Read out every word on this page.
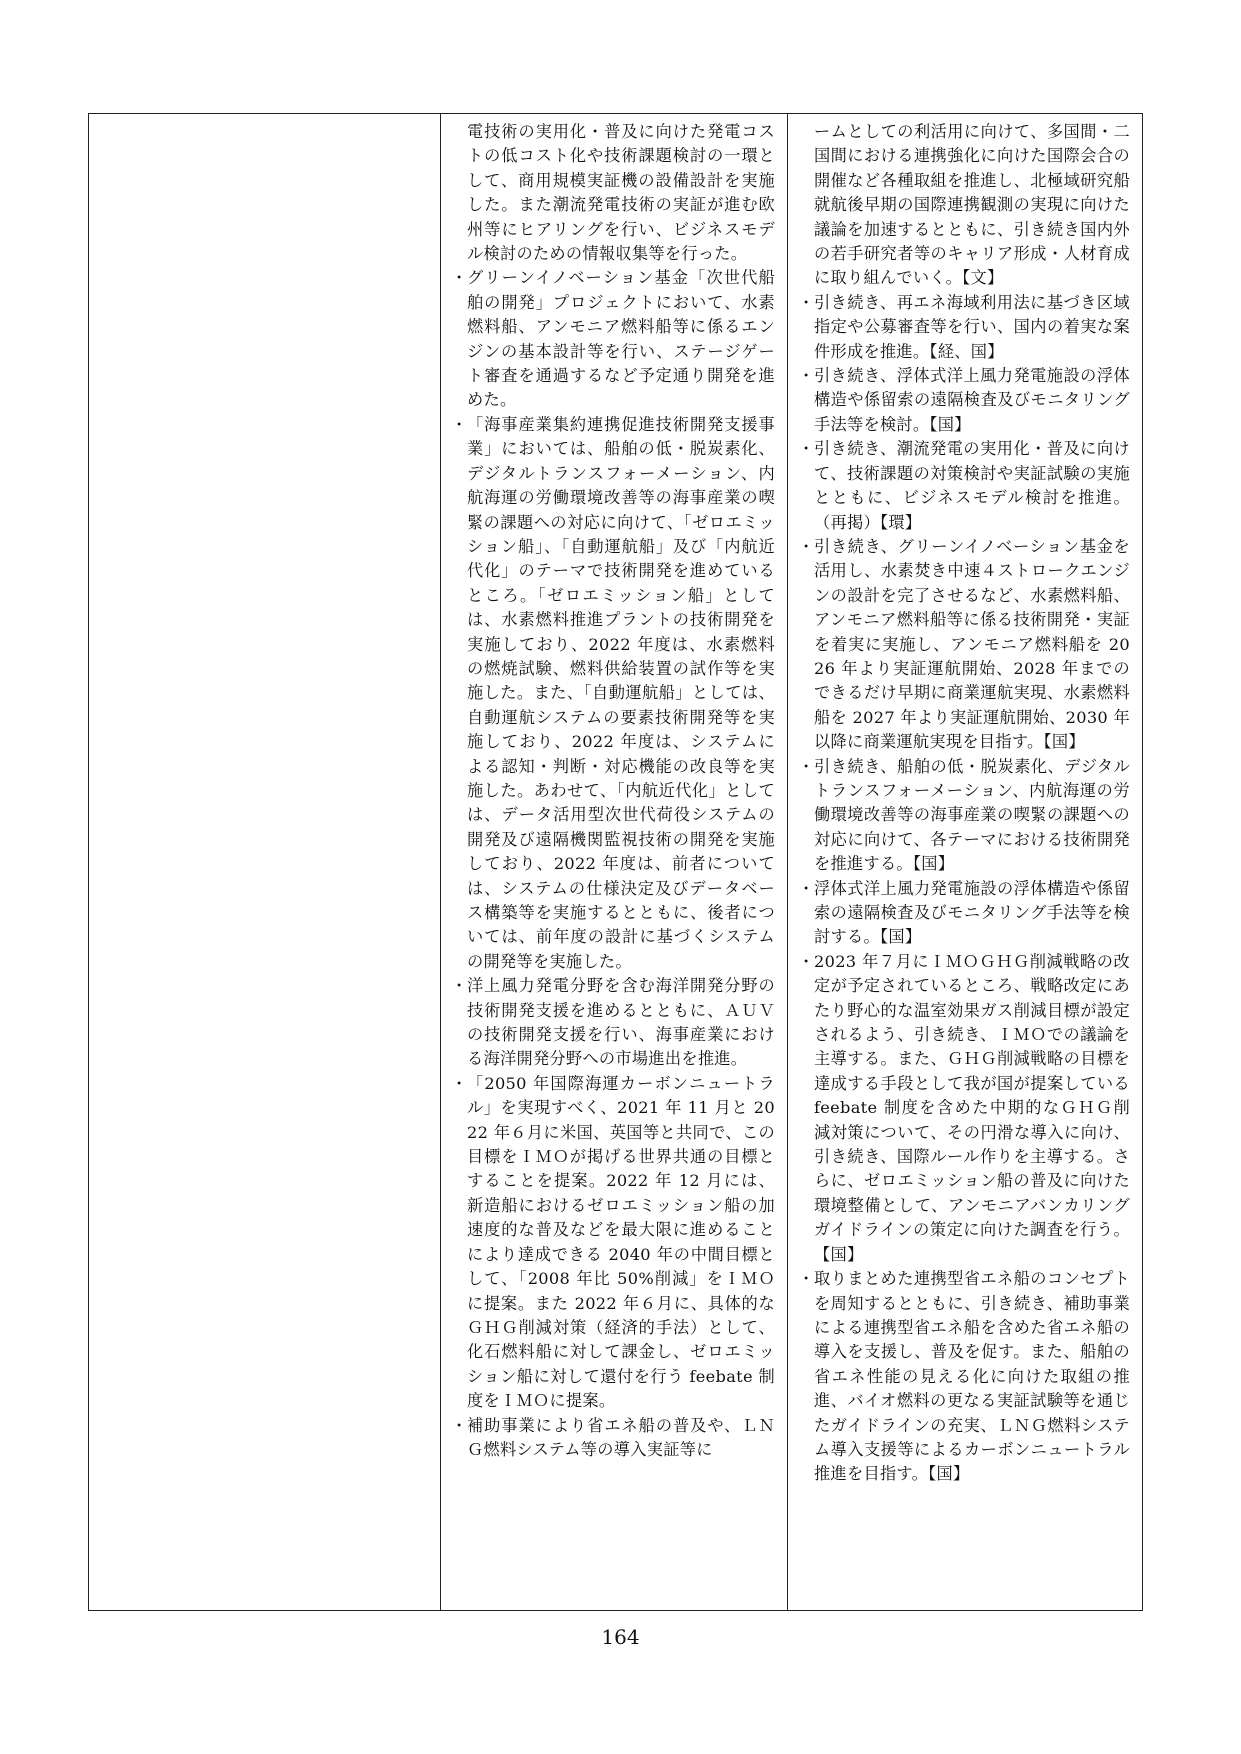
電技術の実用化・普及に向けた発電コストの低コスト化や技術課題検討の一環として、商用規模実証機の設備設計を実施した。また潮流発電技術の実証が進む欧州等にヒアリングを行い、ビジネスモデル検討のための情報収集等を行った。
・ グリーンイノベーション基金「次世代船舶の開発」プロジェクトにおいて、水素燃料船、アンモニア燃料船等に係るエンジンの基本設計等を行い、ステージゲート審査を通過するなど予定通り開発を進めた。
・ 「海事産業集約連携促進技術開発支援事業」においては、船舶の低・脱炭素化、デジタルトランスフォーメーション、内航海運の労働環境改善等の海事産業の喫緊の課題への対応に向けて、「ゼロエミッション船」、「自動運航船」及び「内航近代化」のテーマで技術開発を進めているところ。「ゼロエミッション船」としては、水素燃料推進プラントの技術開発を実施しており、2022 年度は、水素燃料の燃焼試験、燃料供給装置の試作等を実施した。また、「自動運航船」としては、自動運航システムの要素技術開発等を実施しており、2022 年度は、システムによる認知・判断・対応機能の改良等を実施した。あわせて、「内航近代化」としては、データ活用型次世代荷役システムの開発及び遠隔機関監視技術の開発を実施しており、2022 年度は、前者については、システムの仕様決定及びデータベース構築等を実施するとともに、後者については、前年度の設計に基づくシステムの開発等を実施した。
・ 洋上風力発電分野を含む海洋開発分野の技術開発支援を進めるとともに、ＡＵＶの技術開発支援を行い、海事産業における海洋開発分野への市場進出を推進。
・ 「2050 年国際海運カーボンニュートラル」を実現すべく、2021 年 11 月と 2022 年６月に米国、英国等と共同で、この目標をＩＭＯが掲げる世界共通の目標とすることを提案。2022 年 12 月には、新造船におけるゼロエミッション船の加速度的な普及などを最大限に進めることにより達成できる 2040 年の中間目標として、「2008 年比 50%削減」をＩＭＯに提案。また 2022 年６月に、具体的なＧＨＧ削減対策（経済的手法）として、化石燃料船に対して課金し、ゼロエミッション船に対して還付を行う feebate 制度をＩＭＯに提案。
・ 補助事業により省エネ船の普及や、ＬＮＧ燃料システム等の導入実証等に

ームとしての利活用に向けて、多国間・二国間における連携強化に向けた国際会合の開催など各種取組を推進し、北極域研究船就航後早期の国際連携観測の実現に向けた議論を加速するとともに、引き続き国内外の若手研究者等のキャリア形成・人材育成に取り組んでいく。【文】
・ 引き続き、再エネ海域利用法に基づき区域指定や公募審査等を行い、国内の着実な案件形成を推進。【経、国】
・ 引き続き、浮体式洋上風力発電施設の浮体構造や係留索の遠隔検査及びモニタリング手法等を検討。【国】
・ 引き続き、潮流発電の実用化・普及に向けて、技術課題の対策検討や実証試験の実施とともに、ビジネスモデル検討を推進。（再掲）【環】
・ 引き続き、グリーンイノベーション基金を活用し、水素焚き中速４ストロークエンジンの設計を完了させるなど、水素燃料船、アンモニア燃料船等に係る技術開発・実証を着実に実施し、アンモニア燃料船を 2026 年より実証運航開始、2028 年までのできるだけ早期に商業運航実現、水素燃料船を 2027 年より実証運航開始、2030 年以降に商業運航実現を目指す。【国】
・ 引き続き、船舶の低・脱炭素化、デジタルトランスフォーメーション、内航海運の労働環境改善等の海事産業の喫緊の課題への対応に向けて、各テーマにおける技術開発を推進する。【国】
・ 浮体式洋上風力発電施設の浮体構造や係留索の遠隔検査及びモニタリング手法等を検討する。【国】
・ 2023 年７月にＩＭＯＧＨＧ削減戦略の改定が予定されているところ、戦略改定にあたり野心的な温室効果ガス削減目標が設定されるよう、引き続き、ＩＭＯでの議論を主導する。また、ＧＨＧ削減戦略の目標を達成する手段として我が国が提案している feebate 制度を含めた中期的なＧＨＧ削減対策について、その円滑な導入に向け、引き続き、国際ルール作りを主導する。さらに、ゼロエミッション船の普及に向けた環境整備として、アンモニアバンカリングガイドラインの策定に向けた調査を行う。【国】
・ 取りまとめた連携型省エネ船のコンセプトを周知するとともに、引き続き、補助事業による連携型省エネ船を含めた省エネ船の導入を支援し、普及を促す。また、船舶の省エネ性能の見える化に向けた取組の推進、バイオ燃料の更なる実証試験等を通じたガイドラインの充実、ＬＮＧ燃料システム導入支援等によるカーボンニュートラル推進を目指す。【国】
164
